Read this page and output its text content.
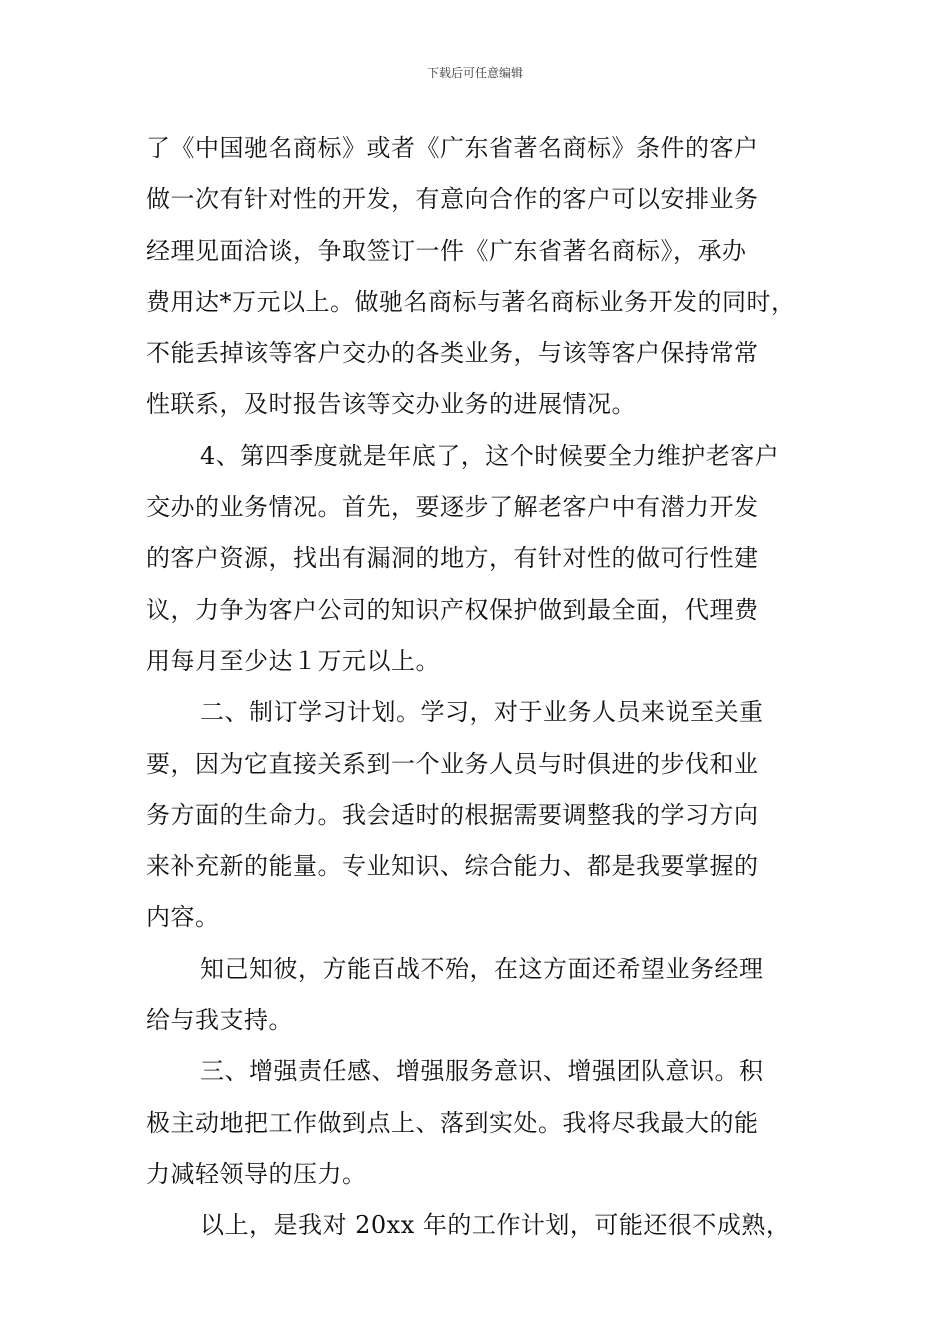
下载后可任意编辑
了《中国驰名商标》或者《广东省著名商标》条件的客户
做一次有针对性的开发，有意向合作的客户可以安排业务
经理见面洽谈，争取签订一件《广东省著名商标》，承办
费用达*万元以上。做驰名商标与著名商标业务开发的同时，
不能丢掉该等客户交办的各类业务，与该等客户保持常常
性联系，及时报告该等交办业务的进展情况。
4、第四季度就是年底了，这个时候要全力维护老客户
交办的业务情况。首先，要逐步了解老客户中有潜力开发
的客户资源，找出有漏洞的地方，有针对性的做可行性建
议，力争为客户公司的知识产权保护做到最全面，代理费
用每月至少达１万元以上。
二、制订学习计划。学习，对于业务人员来说至关重
要，因为它直接关系到一个业务人员与时俱进的步伐和业
务方面的生命力。我会适时的根据需要调整我的学习方向
来补充新的能量。专业知识、综合能力、都是我要掌握的
内容。
知己知彼，方能百战不殆，在这方面还希望业务经理
给与我支持。
三、增强责任感、增强服务意识、增强团队意识。积
极主动地把工作做到点上、落到实处。我将尽我最大的能
力减轻领导的压力。
以上，是我对 20xx 年的工作计划，可能还很不成熟，
